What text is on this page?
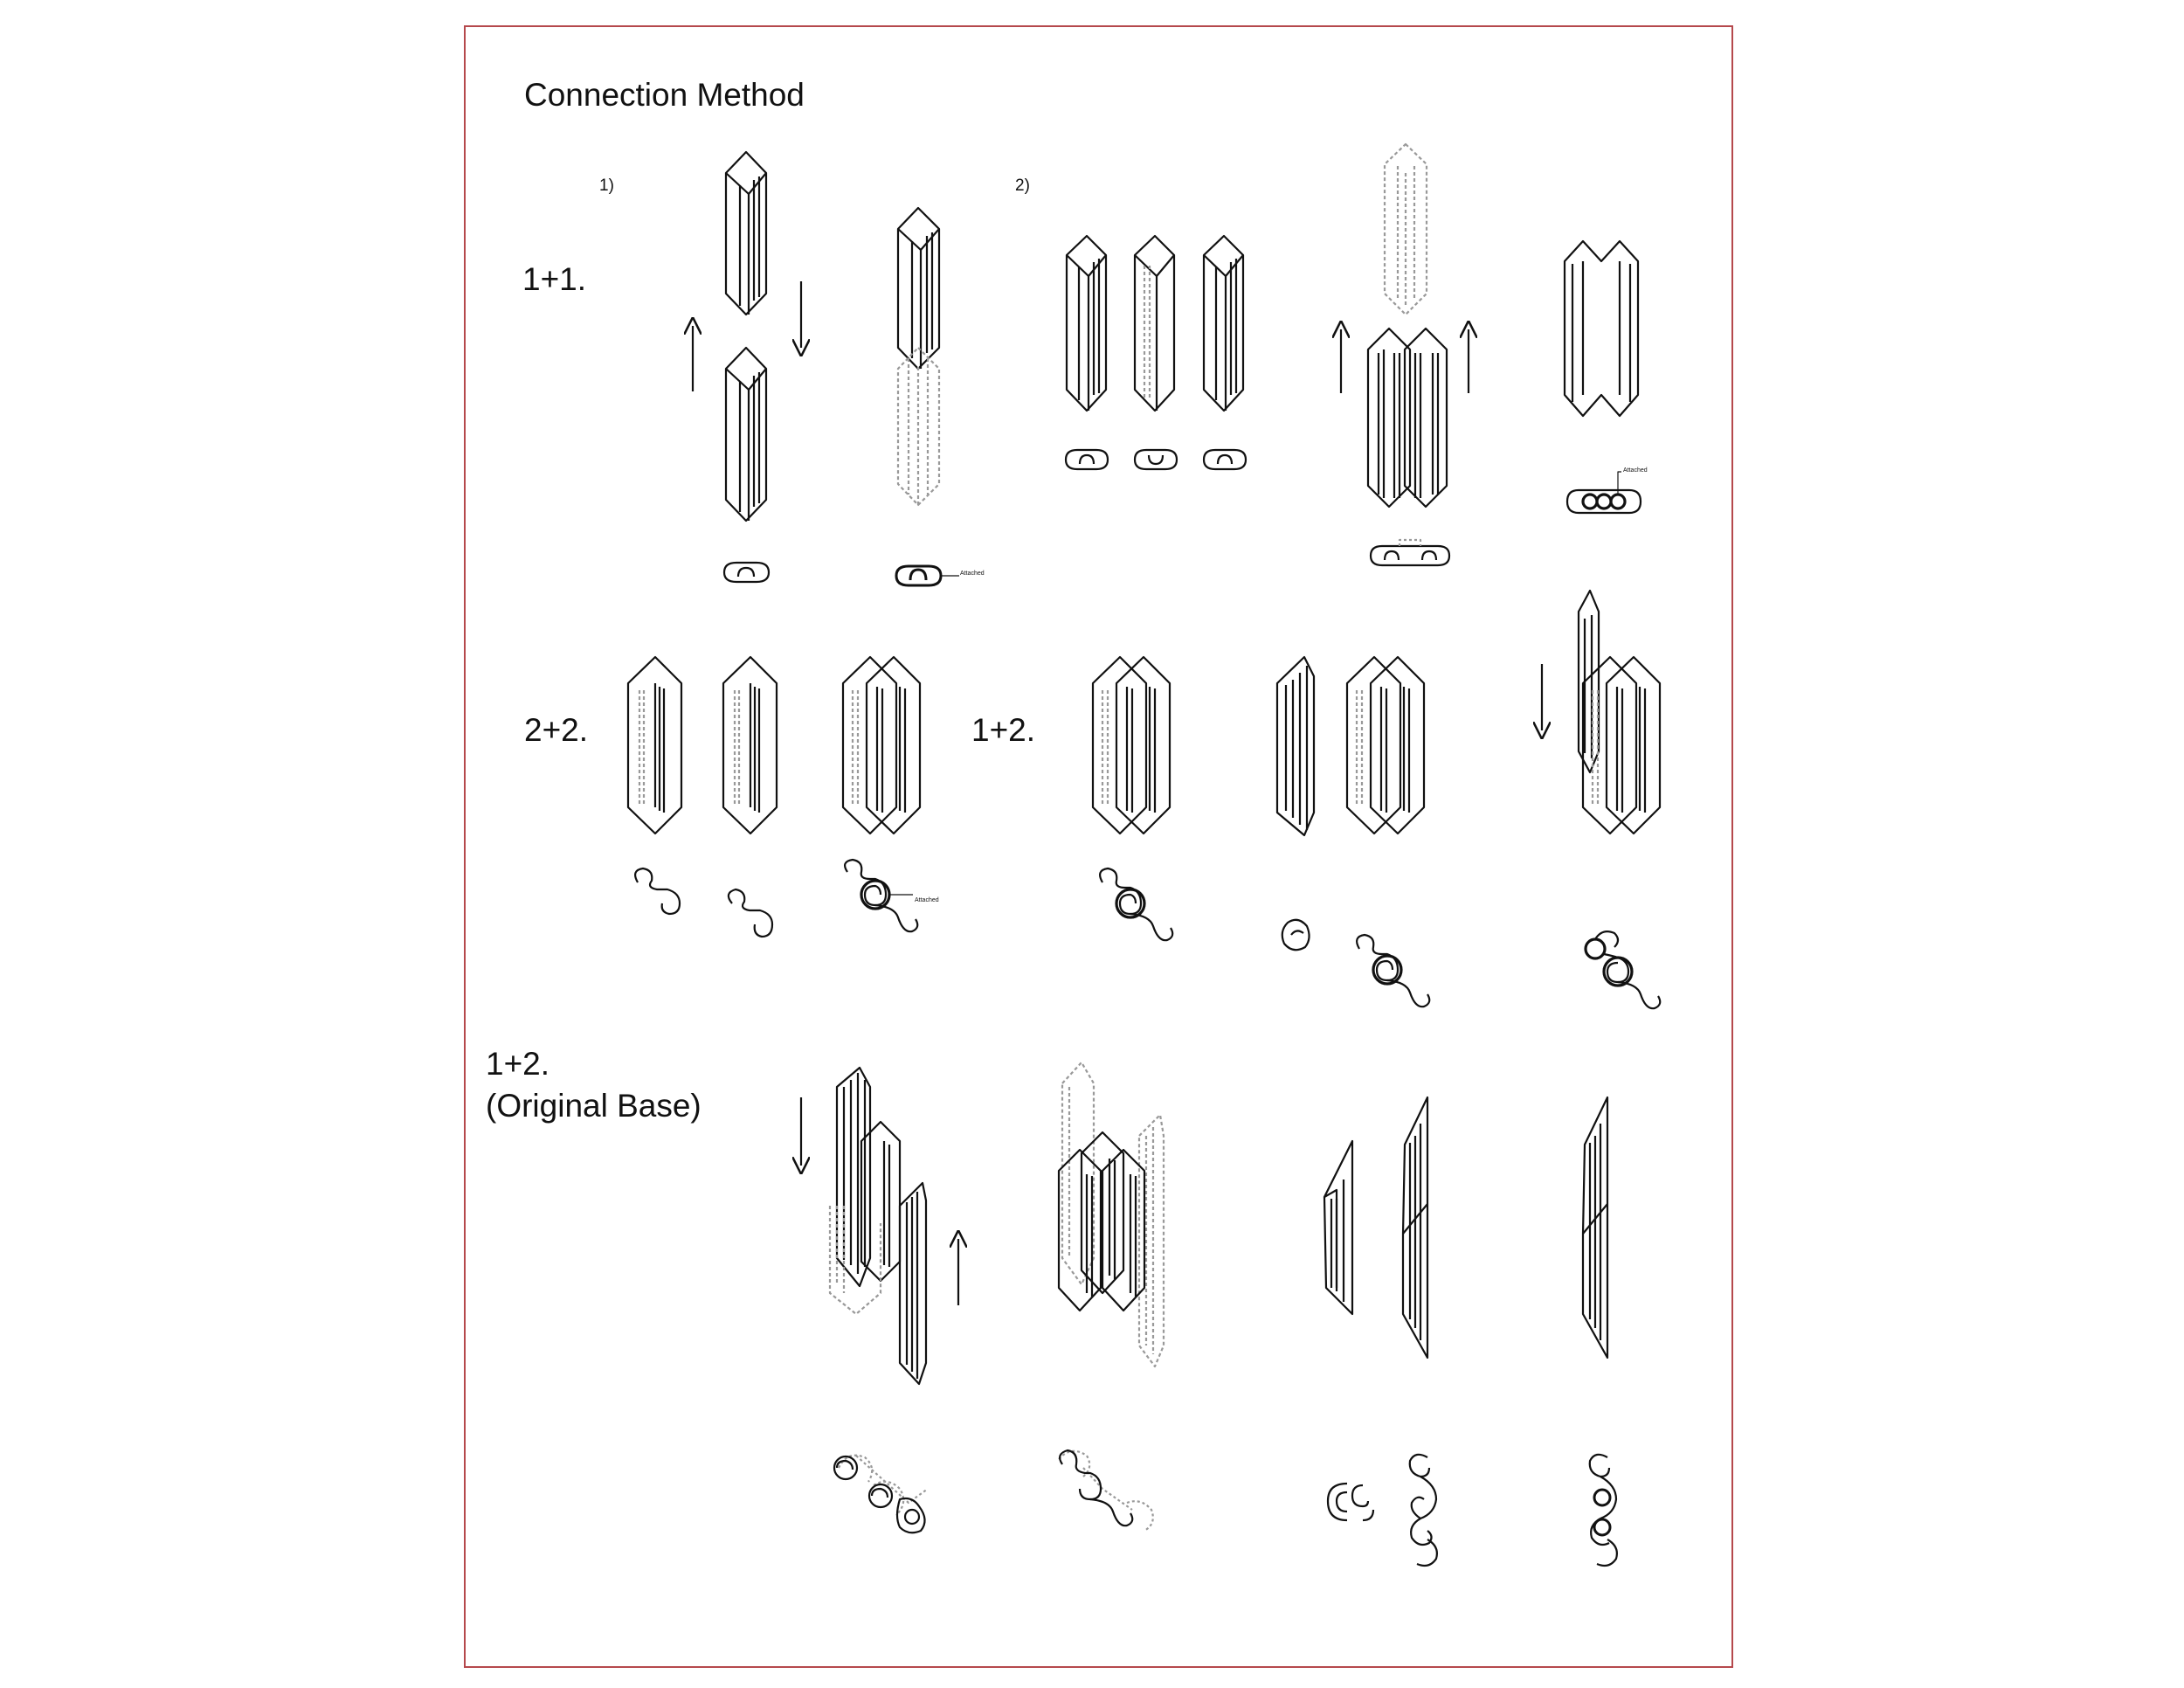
Connection Method
1)	2)
1+1.
2+2.	1+2.
1+2.
(Original Base)
Attached
Attached
Attached
